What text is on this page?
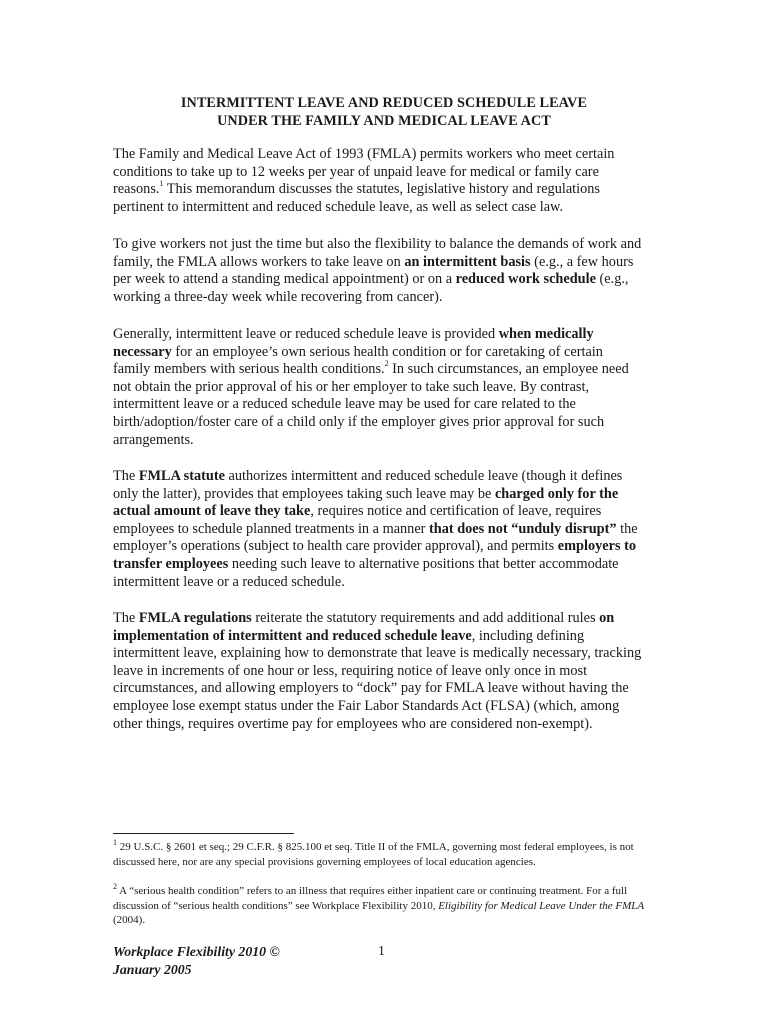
INTERMITTENT LEAVE AND REDUCED SCHEDULE LEAVE
UNDER THE FAMILY AND MEDICAL LEAVE ACT
The Family and Medical Leave Act of 1993 (FMLA) permits workers who meet certain conditions to take up to 12 weeks per year of unpaid leave for medical or family care reasons.$^1$ This memorandum discusses the statutes, legislative history and regulations pertinent to intermittent and reduced schedule leave, as well as select case law.
To give workers not just the time but also the flexibility to balance the demands of work and family, the FMLA allows workers to take leave on an intermittent basis (e.g., a few hours per week to attend a standing medical appointment) or on a reduced work schedule (e.g., working a three-day week while recovering from cancer).
Generally, intermittent leave or reduced schedule leave is provided when medically necessary for an employee’s own serious health condition or for caretaking of certain family members with serious health conditions.$^2$ In such circumstances, an employee need not obtain the prior approval of his or her employer to take such leave. By contrast, intermittent leave or a reduced schedule leave may be used for care related to the birth/adoption/foster care of a child only if the employer gives prior approval for such arrangements.
The FMLA statute authorizes intermittent and reduced schedule leave (though it defines only the latter), provides that employees taking such leave may be charged only for the actual amount of leave they take, requires notice and certification of leave, requires employees to schedule planned treatments in a manner that does not “unduly disrupt” the employer’s operations (subject to health care provider approval), and permits employers to transfer employees needing such leave to alternative positions that better accommodate intermittent leave or a reduced schedule.
The FMLA regulations reiterate the statutory requirements and add additional rules on implementation of intermittent and reduced schedule leave, including defining intermittent leave, explaining how to demonstrate that leave is medically necessary, tracking leave in increments of one hour or less, requiring notice of leave only once in most circumstances, and allowing employers to “dock” pay for FMLA leave without having the employee lose exempt status under the Fair Labor Standards Act (FLSA) (which, among other things, requires overtime pay for employees who are considered non-exempt).
$^1$ 29 U.S.C. § 2601 et seq.; 29 C.F.R. § 825.100 et seq. Title II of the FMLA, governing most federal employees, is not discussed here, nor are any special provisions governing employees of local education agencies.
$^2$ A “serious health condition” refers to an illness that requires either inpatient care or continuing treatment. For a full discussion of “serious health conditions” see Workplace Flexibility 2010, Eligibility for Medical Leave Under the FMLA (2004).
Workplace Flexibility 2010 ©
January 2005
1
